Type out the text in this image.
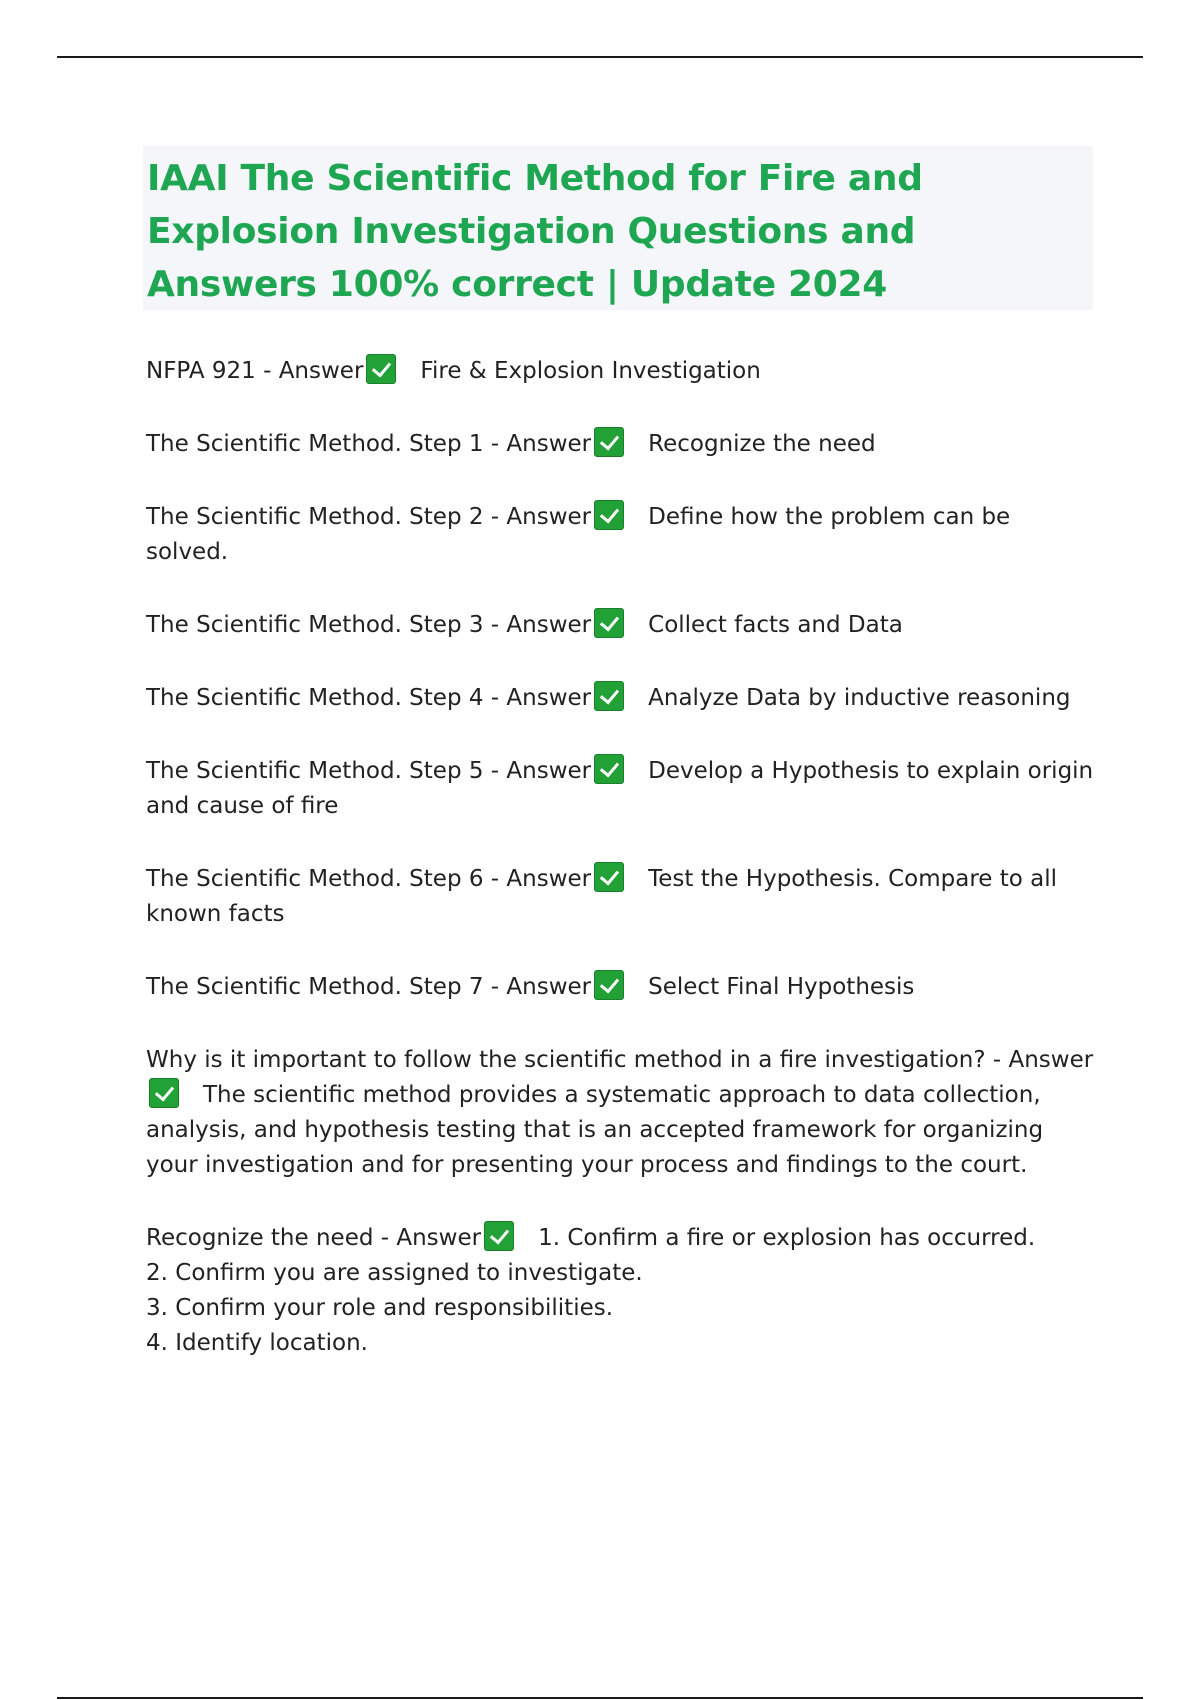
IAAI The Scientific Method for Fire and Explosion Investigation Questions and Answers 100% correct | Update 2024

NFPA 921 - Answer Fire & Explosion Investigation

The Scientific Method. Step 1 - Answer Recognize the need

The Scientific Method. Step 2 - Answer Define how the problem can be solved.

The Scientific Method. Step 3 - Answer Collect facts and Data

The Scientific Method. Step 4 - Answer Analyze Data by inductive reasoning

The Scientific Method. Step 5 - Answer Develop a Hypothesis to explain origin and cause of fire

The Scientific Method. Step 6 - Answer Test the Hypothesis. Compare to all known facts

The Scientific Method. Step 7 - Answer Select Final Hypothesis

Why is it important to follow the scientific method in a fire investigation? - AnswerThe scientific method provides a systematic approach to data collection, analysis, and hypothesis testing that is an accepted framework for organizing your investigation and for presenting your process and findings to the court.

Recognize the need - Answer 1. Confirm a fire or explosion has occurred.
2. Confirm you are assigned to investigate.
3. Confirm your role and responsibilities.
4. Identify location.
